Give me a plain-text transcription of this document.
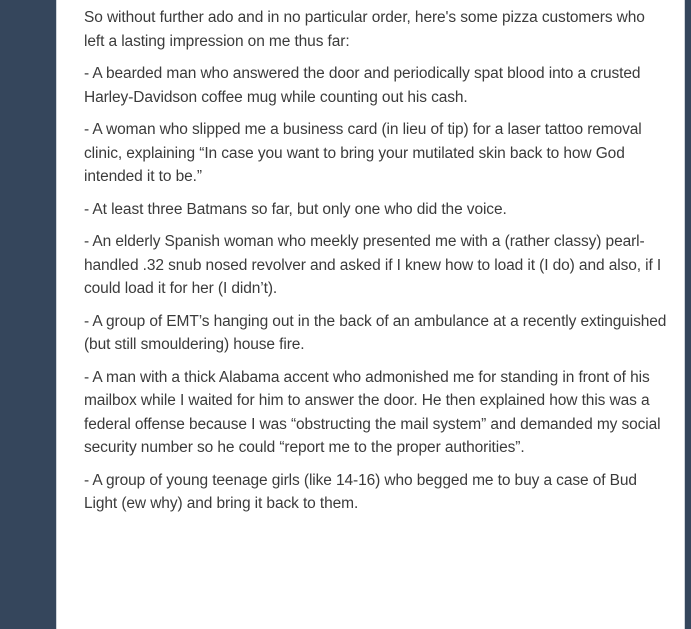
So without further ado and in no particular order, here's some pizza customers who left a lasting impression on me thus far:

- A bearded man who answered the door and periodically spat blood into a crusted Harley-Davidson coffee mug while counting out his cash.

- A woman who slipped me a business card (in lieu of tip) for a laser tattoo removal clinic, explaining “In case you want to bring your mutilated skin back to how God intended it to be.”

- At least three Batmans so far, but only one who did the voice.

- An elderly Spanish woman who meekly presented me with a (rather classy) pearl-handled .32 snub nosed revolver and asked if I knew how to load it (I do) and also, if I could load it for her (I didn’t).

- A group of EMT’s hanging out in the back of an ambulance at a recently extinguished (but still smouldering) house fire.

- A man with a thick Alabama accent who admonished me for standing in front of his mailbox while I waited for him to answer the door. He then explained how this was a federal offense because I was “obstructing the mail system” and demanded my social security number so he could “report me to the proper authorities”.

- A group of young teenage girls (like 14-16) who begged me to buy a case of Bud Light (ew why) and bring it back to them.
